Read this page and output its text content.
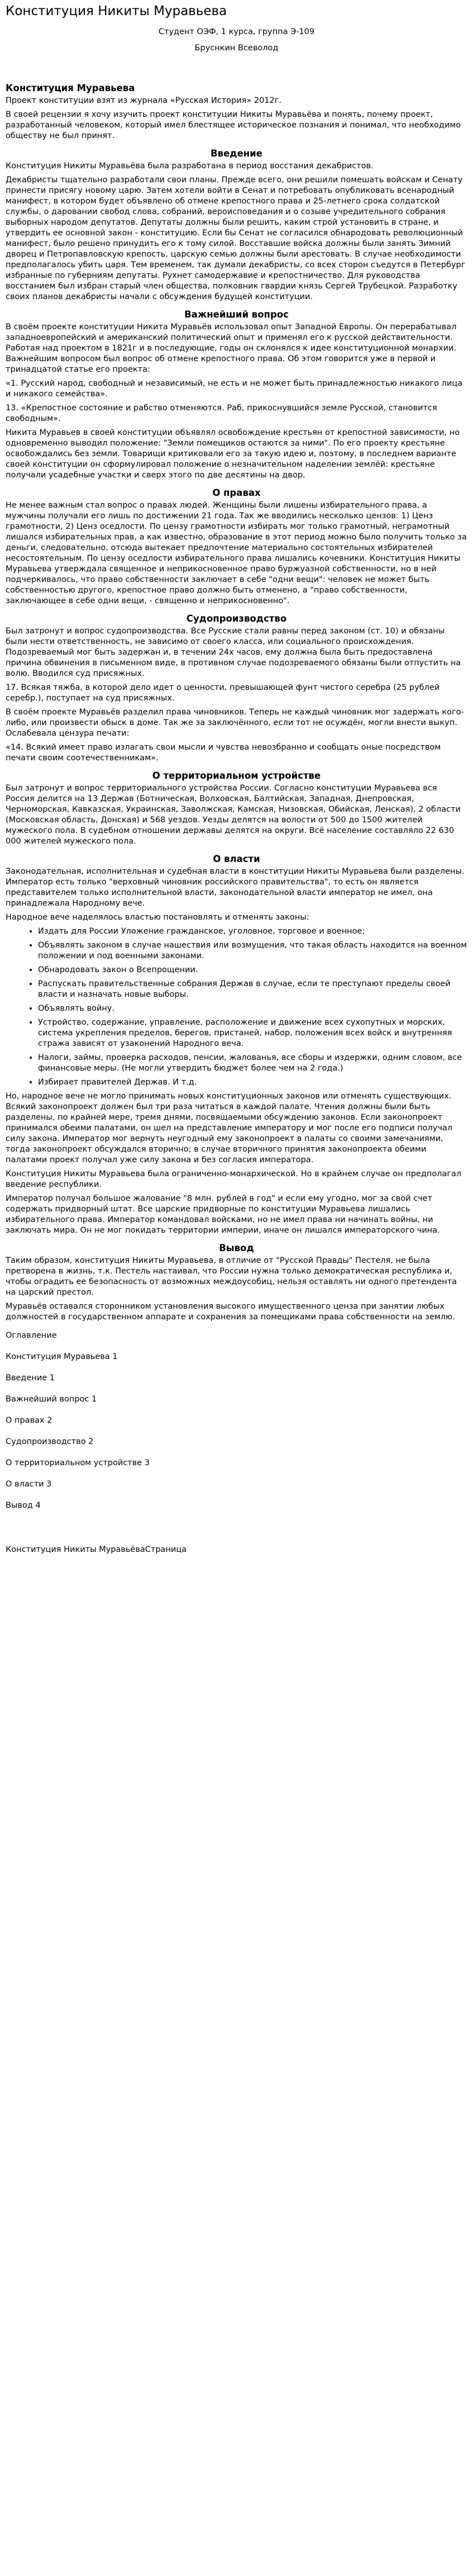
Конституция Никиты Муравьева

Студент ОЭФ, 1 курса, группа Э-109

Бруснкин Всеволод

Конституция Муравьева

Проект конституции взят из журнала «Русская История» 2012г.

В своей рецензии я хочу изучить проект конституции Никиты Муравьёва и понять, почему проект, разработанный человеком, который имел блестящее историческое познания и понимал, что необходимо обществу не был принят.

Введение

Конституция Никиты Муравьёва была разработана в период восстания декабристов.

Декабристы тщательно разработали свои планы. Прежде всего, они решили помешать войскам и Сенату принести присягу новому царю. Затем хотели войти в Сенат и потребовать опубликовать всенародный манифест, в котором будет объявлено об отмене крепостного права и 25-летнего срока солдатской службы, о даровании свобод слова, собраний, вероисповедания и о созыве учредительного собрания выборных народом депутатов. Депутаты должны были решить, каким строй установить в стране, и утвердить ее основной закон - конституцию. Если бы Сенат не согласился обнародовать революционный манифест, было решено принудить его к тому силой. Восставшие войска должны были занять Зимний дворец и Петропавловскую крепость, царскую семью должны были арестовать. В случае необходимости предполагалось убить царя. Тем временем, так думали декабристы, со всех сторон съедутся в Петербург избранные по губерниям депутаты. Рухнет самодержавие и крепостничество. Для руководства восстанием был избран старый член общества, полковник гвардии князь Сергей Трубецкой. Разработку своих планов декабристы начали с обсуждения будущей конституции.

Важнейший вопрос

В своём проекте конституции Никита Муравьёв использовал опыт Западной Европы. Он перерабатывал западноевропейский и американский политический опыт и применял его к русской действительности. Работая над проектом в 1821г и в последующие, годы он склонялся к идее конституционной монархии. Важнейшим вопросом был вопрос об отмене крепостного права. Об этом говорится уже в первой и тринадцатой статье его проекта:

«1. Русский народ, свободный и независимый, не есть и не может быть принадлежностью никакого лица и никакого семейства».

13. «Крепостное состояние и рабство отменяются. Раб, прикоснувшийся земле Русской, становится свободным».

Никита Муравьев в своей конституции объявлял освобождение крестьян от крепостной зависимости, но одновременно выводил положение: "Земли помещиков остаются за ними". По его проекту крестьяне освобождались без земли. Товарищи критиковали его за такую идею и, поэтому, в последнем варианте своей конституции он сформулировал положение о незначительном наделении землёй: крестьяне получали усадебные участки и сверх этого по две десятины на двор.

О правах

Не менее важным стал вопрос о правах людей. Женщины были лишены избирательного права, а мужчины получали его лишь по достижении 21 года. Так же вводились несколько цензов: 1) Ценз грамотности, 2) Ценз оседлости. По цензу грамотности избирать мог только грамотный, неграмотный лишался избирательных прав, а как известно, образование в этот период можно было получить только за деньги, следовательно, отсюда вытекает предпочтение материально состоятельных избирателей несостоятельным. По цензу оседлости избирательного права лишались кочевники. Конституция Никиты Муравьева утверждала священное и неприкосновенное право буржуазной собственности, но в ней подчеркивалось, что право собственности заключает в себе "одни вещи": человек не может быть собственностью другого, крепостное право должно быть отменено, а "право собственности, заключающее в себе одни вещи, - священно и неприкосновенно".

Судопроизводство

Был затронут и вопрос судопроизводства. Все Русские стали равны перед законом (ст. 10) и обязаны были нести ответственность, не зависимо от своего класса, или социального происхождения. Подозреваемый мог быть задержан и, в течении 24х часов, ему должна была быть предоставлена причина обвинения в письменном виде, в противном случае подозреваемого обязаны были отпустить на волю. Вводился суд присяжных.

17. Всякая тяжба, в которой дело идет о ценности, превышающей фунт чистого серебра (25 рублей серебр.), поступает на суд присяжных.

В своём проекте Муравьёв разделил права чиновников. Теперь не каждый чиновник мог задержать кого-либо, или произвести обыск в доме. Так же за заключённого, если тот не осуждён, могли внести выкуп. Ослабевала цензура печати:

«14. Всякий имеет право излагать свои мысли и чувства невозбранно и сообщать оные посредством печати своим соотечественникам».

О территориальном устройстве

Был затронут и вопрос территориального устройства России. Согласно конституции Муравьева вся Россия делится на 13 Держав (Ботническая, Волховская, Балтийская, Западная, Днепровская, Черноморская, Кавказская, Украинская, Заволжская, Камская, Низовская, Обийская, Ленская), 2 области (Московская область, Донская) и 568 уездов. Уезды делятся на волости от 500 до 1500 жителей мужеского пола. В судебном отношении державы делятся на округи. Всё население составляло 22 630 000 жителей мужеского пола.

О власти

Законодательная, исполнительная и судебная власти в конституции Никиты Муравьева были разделены. Император есть только "верховный чиновник российского правительства", то есть он является представителем только исполнительной власти, законодательной власти император не имел, она принадлежала Народному вече.

Народное вече наделялось властью постановлять и отменять законы:

• Издать для России Уложение гражданское, уголовное, торговое и военное;
• Объявлять законом в случае нашествия или возмущения, что такая область находится на военном положении и под военными законами.
• Обнародовать закон о Всепрощении.
• Распускать правительственные собрания Держав в случае, если те преступают пределы своей власти и назначать новые выборы.
• Объявлять войну.
• Устройство, содержание, управление, расположение и движение всех сухопутных и морских, система укрепления пределов, берегов, пристаней, набор, положения всех войск и внутренняя стража зависят от узаконений Народного веча.
• Налоги, займы, проверка расходов, пенсии, жалованья, все сборы и издержки, одним словом, все финансовые меры. (Не могли утвердить бюджет более чем на 2 года.)
• Избирает правителей Держав. И т.д.

Но, народное вече не могло принимать новых конституционных законов или отменять существующих. Всякий законопроект должен был три раза читаться в каждой палате. Чтения должны были быть разделены, по крайней мере, тремя днями, посвящаемыми обсуждению законов. Если законопроект принимался обеими палатами, он шел на представление императору и мог после его подписи получал силу закона. Император мог вернуть неугодный ему законопроект в палаты со своими замечаниями, тогда законопроект обсуждался вторично; в случае вторичного принятия законопроекта обеими палатами проект получал уже силу закона и без согласия императора.

Конституция Никиты Муравьева была ограниченно-монархической. Но в крайнем случае он предполагал введение республики.

Император получал большое жалование "8 млн. рублей в год" и если ему угодно, мог за свой счет содержать придворный штат. Все царские придворные по конституции Муравьева лишались избирательного права. Император командовал войсками, но не имел права ни начинать войны, ни заключать мира. Он не мог покидать территории империи, иначе он лишался императорского чина.

Вывод

Таким образом, конституция Никиты Муравьева, в отличие от "Русской Правды" Пестеля, не была претворена в жизнь, т.к. Пестель настаивал, что России нужна только демократическая республика и, чтобы оградить ее безопасность от возможных междоусобиц, нельзя оставлять ни одного претендента на царский престол.

Муравьёв оставался сторонником установления высокого имущественного ценза при занятии любых должностей в государственном аппарате и сохранения за помещиками права собственности на землю.

Оглавление

Конституция Муравьева 1

Введение 1

Важнейший вопрос 1

О правах 2

Судопроизводство 2

О территориальном устройстве 3

О власти 3

Вывод 4

Конституция Никиты МуравьёваСтраница
